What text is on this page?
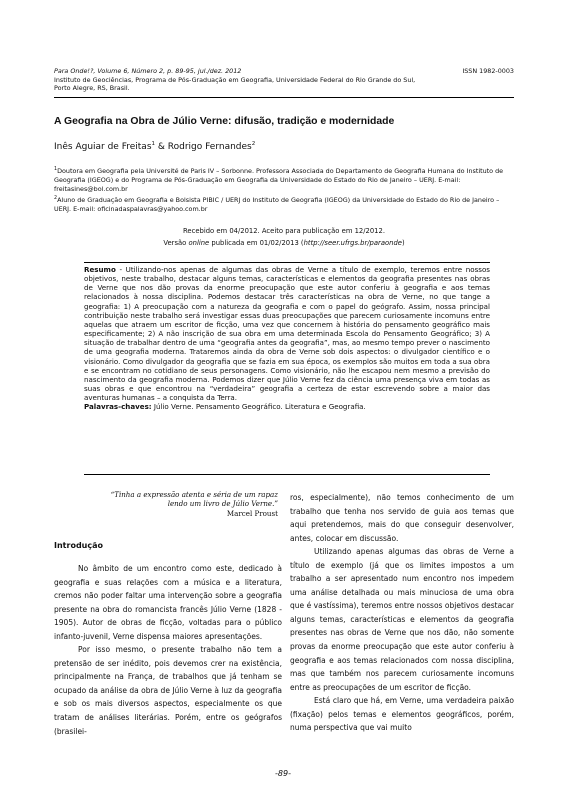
Para Onde!?, Volume 6, Número 2, p. 89-95, jul./dez. 2012	ISSN 1982-0003
Instituto de Geociências, Programa de Pós-Graduação em Geografia, Universidade Federal do Rio Grande do Sul,
Porto Alegre, RS, Brasil.
A Geografia na Obra de Júlio Verne: difusão, tradição e modernidade
Inês Aguiar de Freitas$^1$ & Rodrigo Fernandes$^2$

$^1$Doutora em Geografia pela Université de Paris IV – Sorbonne. Professora Associada do Departamento de Geografia Humana do Instituto de Geografia (IGEOG) e do Programa de Pós-Graduação em Geografia da Universidade do Estado do Rio de Janeiro – UERJ. E-mail: freitasines@bol.com.br

$^2$Aluno de Graduação em Geografia e Bolsista PIBIC / UERJ do Instituto de Geografia (IGEOG) da Universidade do Estado do Rio de Janeiro – UERJ. E-mail: oficinadaspalavras@yahoo.com.br

Recebido em 04/2012. Aceito para publicação em 12/2012.
Versão online publicada em 01/02/2013 (http://seer.ufrgs.br/paraonde)
Resumo - Utilizando-nos apenas de algumas das obras de Verne a título de exemplo, teremos entre nossos objetivos, neste trabalho, destacar alguns temas, características e elementos da geografia presentes nas obras de Verne que nos dão provas da enorme preocupação que este autor conferiu à geografia e aos temas relacionados à nossa disciplina. Podemos destacar três características na obra de Verne, no que tange a geografia: 1) A preocupação com a natureza da geografia e com o papel do geógrafo. Assim, nossa principal contribuição neste trabalho será investigar essas duas preocupações que parecem curiosamente incomuns entre aquelas que atraem um escritor de ficção, uma vez que concernem à história do pensamento geográfico mais especificamente; 2) A não inscrição de sua obra em uma determinada Escola do Pensamento Geográfico; 3) A situação de trabalhar dentro de uma “geografia antes da geografia”, mas, ao mesmo tempo prever o nascimento de uma geografia moderna. Trataremos ainda da obra de Verne sob dois aspectos: o divulgador científico e o visionário. Como divulgador da geografia que se fazia em sua época, os exemplos são muitos em toda a sua obra e se encontram no cotidiano de seus personagens. Como visionário, não lhe escapou nem mesmo a previsão do nascimento da geografia moderna. Podemos dizer que Júlio Verne fez da ciência uma presença viva em todas as suas obras e que encontrou na “verdadeira” geografia a certeza de estar escrevendo sobre a maior das aventuras humanas – a conquista da Terra.
Palavras-chaves: Júlio Verne. Pensamento Geográfico. Literatura e Geografia.
“Tinha a expressão atenta e séria de um rapaz lendo um livro de Júlio Verne.”
Marcel Proust
Introdução

No âmbito de um encontro como este, dedicado à geografia e suas relações com a música e a literatura, cremos não poder faltar uma intervenção sobre a geografia presente na obra do romancista francês Júlio Verne (1828 - 1905). Autor de obras de ficção, voltadas para o público infanto-juvenil, Verne dispensa maiores apresentações.

Por isso mesmo, o presente trabalho não tem a pretensão de ser inédito, pois devemos crer na existência, principalmente na França, de trabalhos que já tenham se ocupado da análise da obra de Júlio Verne à luz da geografia e sob os mais diversos aspectos, especialmente os que tratam de análises literárias. Porém, entre os geógrafos (brasilei-

ros, especialmente), não temos conhecimento de um trabalho que tenha nos servido de guia aos temas que aqui pretendemos, mais do que conseguir desenvolver, antes, colocar em discussão.

Utilizando apenas algumas das obras de Verne a título de exemplo (já que os limites impostos a um trabalho a ser apresentado num encontro nos impedem uma análise detalhada ou mais minuciosa de uma obra que é vastíssima), teremos entre nossos objetivos destacar alguns temas, características e elementos da geografia presentes nas obras de Verne que nos dão, não somente provas da enorme preocupação que este autor conferiu à geografia e aos temas relacionados com nossa disciplina, mas que também nos parecem curiosamente incomuns entre as preocupações de um escritor de ficção.

Está claro que há, em Verne, uma verdadeira paixão (fixação) pelos temas e elementos geográficos, porém, numa perspectiva que vai muito

-89-
